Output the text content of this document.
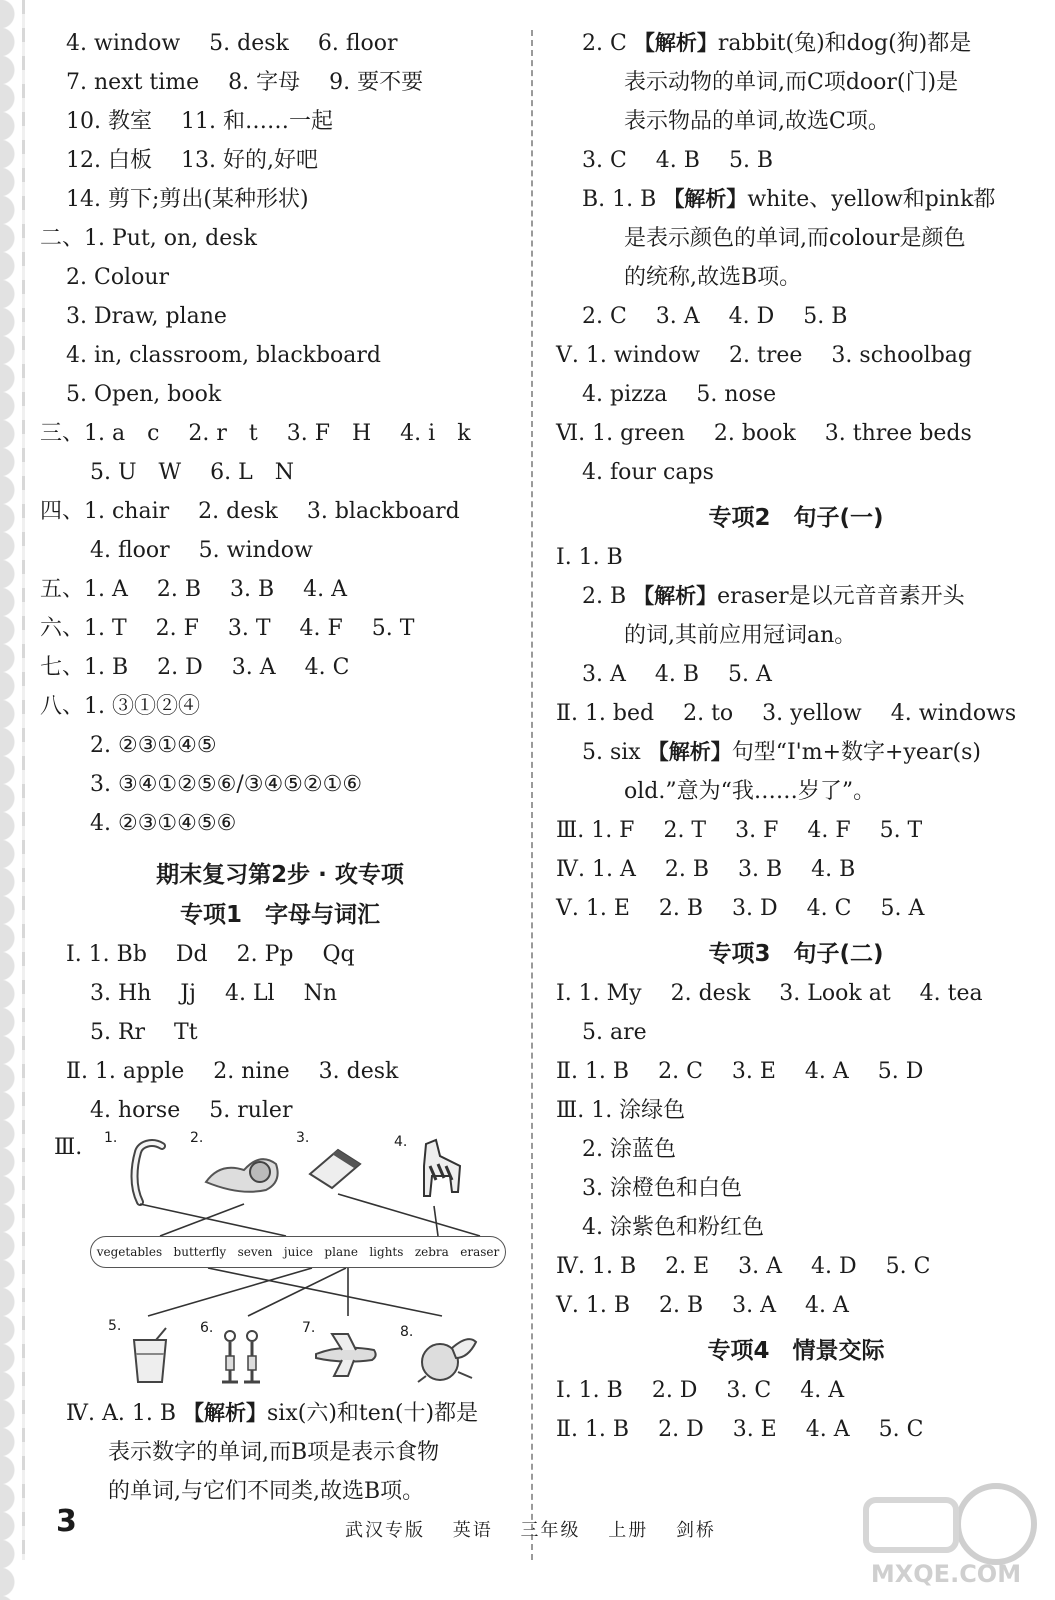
4. window　 5. desk　 6. floor
7. next time　 8. 字母　 9. 要不要
10. 教室　 11. 和……一起
12. 白板　 13. 好的,好吧
14. 剪下;剪出(某种形状)
二、1. Put, on, desk
2. Colour
3. Draw, plane
4. in, classroom, blackboard
5. Open, book
三、1. a　c　 2. r　t　 3. F　H　 4. i　k
5. U　W　 6. L　N
四、1. chair　 2. desk　 3. blackboard
4. floor　 5. window
五、1. A　 2. B　 3. B　 4. A
六、1. T　 2. F　 3. T　 4. F　 5. T
七、1. B　 2. D　 3. A　 4. C
八、1. ③①②④
2. ②③①④⑤
3. ③④①②⑤⑥/③④⑤②①⑥
4. ②③①④⑤⑥
期末复习第2步 · 攻专项
专项1　字母与词汇
Ⅰ. 1. Bb　 Dd　 2. Pp　 Qq
3. Hh　 Jj　 4. Ll　 Nn
5. Rr　 Tt
Ⅱ. 1. apple　 2. nine　 3. desk
4. horse　 5. ruler
Ⅲ. 1.	2.	3.	4.
vegetables butterfly seven juice plane lights zebra eraser
5.	6.	7.	8.
Ⅳ. A. 1. B 【解析】six(六)和ten(十)都是
表示数字的单词,而B项是表示食物
的单词,与它们不同类,故选B项。
2. C 【解析】rabbit(兔)和dog(狗)都是
表示动物的单词,而C项door(门)是
表示物品的单词,故选C项。
3. C　 4. B　 5. B
B. 1. B 【解析】white、yellow和pink都
是表示颜色的单词,而colour是颜色
的统称,故选B项。
2. C　 3. A　 4. D　 5. B
Ⅴ. 1. window　 2. tree　 3. schoolbag
4. pizza　 5. nose
Ⅵ. 1. green　 2. book　 3. three beds
4. four caps
专项2　句子(一)
Ⅰ. 1. B
2. B 【解析】eraser是以元音音素开头
的词,其前应用冠词an。
3. A　 4. B　 5. A
Ⅱ. 1. bed　 2. to　 3. yellow　 4. windows
5. six 【解析】句型“I'm+数字+year(s)
old.”意为“我……岁了”。
Ⅲ. 1. F　 2. T　 3. F　 4. F　 5. T
Ⅳ. 1. A　 2. B　 3. B　 4. B
Ⅴ. 1. E　 2. B　 3. D　 4. C　 5. A
专项3　句子(二)
Ⅰ. 1. My　 2. desk　 3. Look at　 4. tea
5. are
Ⅱ. 1. B　 2. C　 3. E　 4. A　 5. D
Ⅲ. 1. 涂绿色
2. 涂蓝色
3. 涂橙色和白色
4. 涂紫色和粉红色
Ⅳ. 1. B　 2. E　 3. A　 4. D　 5. C
Ⅴ. 1. B　 2. B　 3. A　 4. A
专项4　情景交际
Ⅰ. 1. B　 2. D　 3. C　 4. A
Ⅱ. 1. B　 2. D　 3. E　 4. A　 5. C
3	武汉专版 英语 三年级 上册 剑桥
MXQE.COM
